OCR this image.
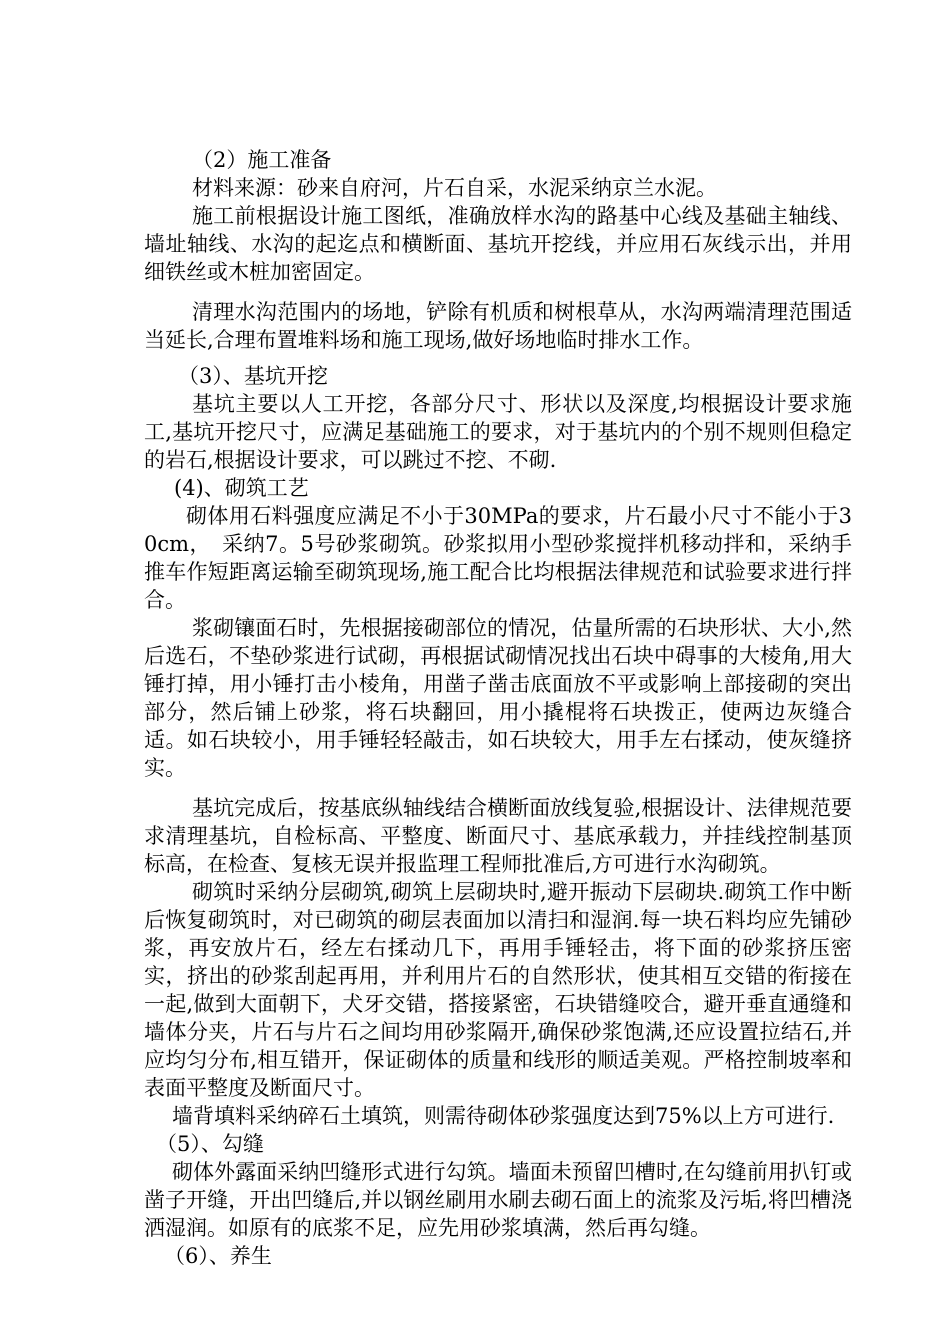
（2）施工准备

材料来源：砂来自府河，片石自采，水泥采纳京兰水泥。

施工前根据设计施工图纸，准确放样水沟的路基中心线及基础主轴线、墙址轴线、水沟的起迄点和横断面、基坑开挖线，并应用石灰线示出，并用细铁丝或木桩加密固定。

清理水沟范围内的场地，铲除有机质和树根草从，水沟两端清理范围适当延长,合理布置堆料场和施工现场,做好场地临时排水工作。

（3）、基坑开挖

基坑主要以人工开挖，各部分尺寸、形状以及深度,均根据设计要求施工,基坑开挖尺寸，应满足基础施工的要求，对于基坑内的个别不规则但稳定的岩石,根据设计要求，可以跳过不挖、不砌.

(4)、砌筑工艺

砌体用石料强度应满足不小于30MPa的要求，片石最小尺寸不能小于30cm，　采纳7。5号砂浆砌筑。砂浆拟用小型砂浆搅拌机移动拌和，采纳手推车作短距离运输至砌筑现场,施工配合比均根据法律规范和试验要求进行拌合。

浆砌镶面石时，先根据接砌部位的情况，估量所需的石块形状、大小,然后选石，不垫砂浆进行试砌，再根据试砌情况找出石块中碍事的大棱角,用大锤打掉，用小锤打击小棱角，用凿子凿击底面放不平或影响上部接砌的突出部分，然后铺上砂浆，将石块翻回，用小撬棍将石块拨正，使两边灰缝合适。如石块较小，用手锤轻轻敲击，如石块较大，用手左右揉动，使灰缝挤实。

基坑完成后，按基底纵轴线结合横断面放线复验,根据设计、法律规范要求清理基坑，自检标高、平整度、断面尺寸、基底承载力，并挂线控制基顶标高，在检查、复核无误并报监理工程师批准后,方可进行水沟砌筑。

砌筑时采纳分层砌筑,砌筑上层砌块时,避开振动下层砌块.砌筑工作中断后恢复砌筑时，对已砌筑的砌层表面加以清扫和湿润.每一块石料均应先铺砂浆，再安放片石，经左右揉动几下，再用手锤轻击，将下面的砂浆挤压密实，挤出的砂浆刮起再用，并利用片石的自然形状，使其相互交错的衔接在一起,做到大面朝下，犬牙交错，搭接紧密，石块错缝咬合，避开垂直通缝和墙体分夹，片石与片石之间均用砂浆隔开,确保砂浆饱满,还应设置拉结石,并应均匀分布,相互错开，保证砌体的质量和线形的顺适美观。严格控制坡率和表面平整度及断面尺寸。

墙背填料采纳碎石土填筑，则需待砌体砂浆强度达到75%以上方可进行.

（5）、勾缝

砌体外露面采纳凹缝形式进行勾筑。墙面未预留凹槽时,在勾缝前用扒钉或凿子开缝，开出凹缝后,并以钢丝刷用水刷去砌石面上的流浆及污垢,将凹槽浇洒湿润。如原有的底浆不足，应先用砂浆填满，然后再勾缝。

（6）、养生
